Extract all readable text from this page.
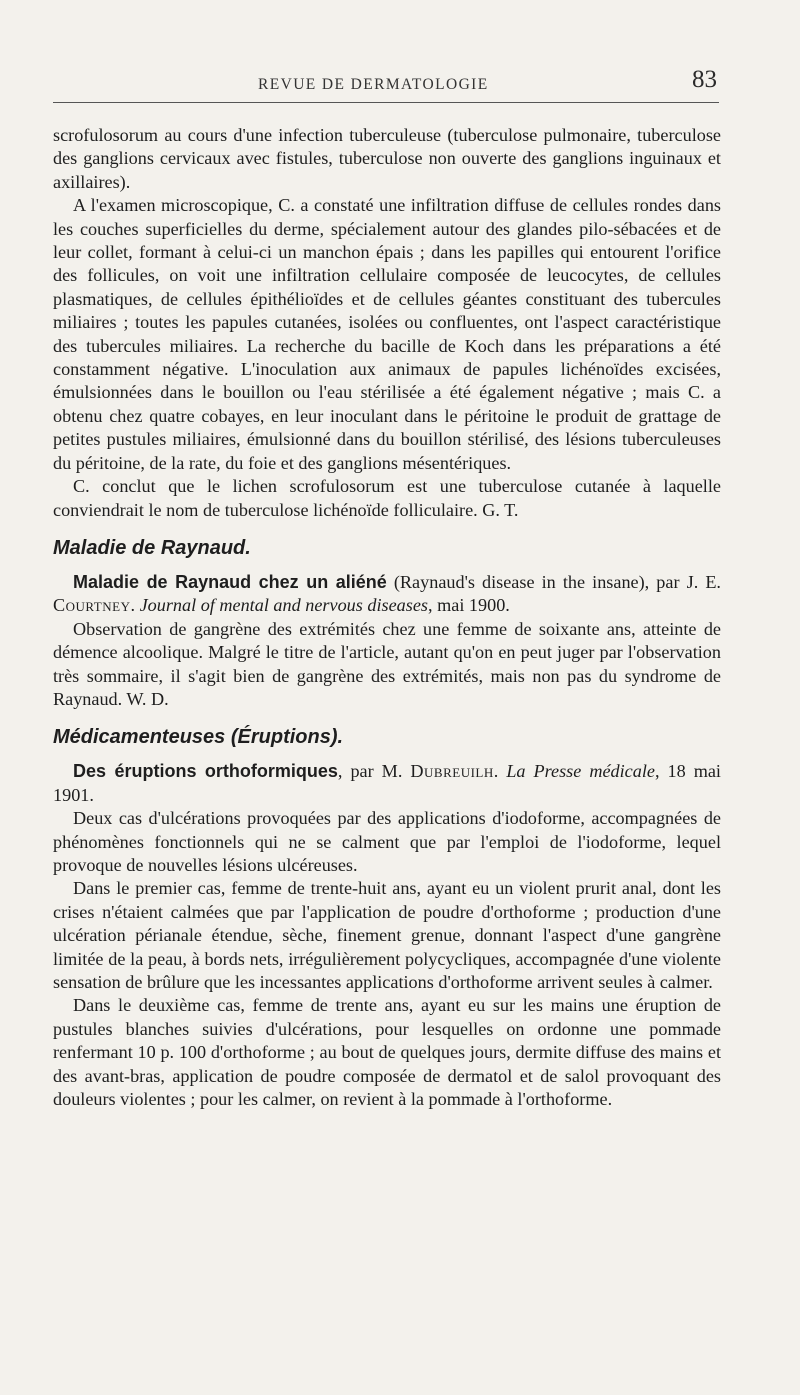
REVUE DE DERMATOLOGIE	83

scrofulosorum au cours d'une infection tuberculeuse (tuberculose pulmonaire, tuberculose des ganglions cervicaux avec fistules, tuberculose non ouverte des ganglions inguinaux et axillaires).

A l'examen microscopique, C. a constaté une infiltration diffuse de cellules rondes dans les couches superficielles du derme, spécialement autour des glandes pilo-sébacées et de leur collet, formant à celui-ci un manchon épais ; dans les papilles qui entourent l'orifice des follicules, on voit une infiltration cellulaire composée de leucocytes, de cellules plasmatiques, de cellules épithélioïdes et de cellules géantes constituant des tubercules miliaires ; toutes les papules cutanées, isolées ou confluentes, ont l'aspect caractéristique des tubercules miliaires. La recherche du bacille de Koch dans les préparations a été constamment négative. L'inoculation aux animaux de papules lichénoïdes excisées, émulsionnées dans le bouillon ou l'eau stérilisée a été également négative ; mais C. a obtenu chez quatre cobayes, en leur inoculant dans le péritoine le produit de grattage de petites pustules miliaires, émulsionné dans du bouillon stérilisé, des lésions tuberculeuses du péritoine, de la rate, du foie et des ganglions mésentériques.

C. conclut que le lichen scrofulosorum est une tuberculose cutanée à laquelle conviendrait le nom de tuberculose lichénoïde folliculaire. G. T.

Maladie de Raynaud.

Maladie de Raynaud chez un aliéné (Raynaud's disease in the insane), par J. E. Courtney. Journal of mental and nervous diseases, mai 1900.

Observation de gangrène des extrémités chez une femme de soixante ans, atteinte de démence alcoolique. Malgré le titre de l'article, autant qu'on en peut juger par l'observation très sommaire, il s'agit bien de gangrène des extrémités, mais non pas du syndrome de Raynaud. W. D.

Médicamenteuses (Éruptions).

Des éruptions orthoformiques, par M. Dubreuilh. La Presse médicale, 18 mai 1901.

Deux cas d'ulcérations provoquées par des applications d'iodoforme, accompagnées de phénomènes fonctionnels qui ne se calment que par l'emploi de l'iodoforme, lequel provoque de nouvelles lésions ulcéreuses.

Dans le premier cas, femme de trente-huit ans, ayant eu un violent prurit anal, dont les crises n'étaient calmées que par l'application de poudre d'orthoforme ; production d'une ulcération périanale étendue, sèche, finement grenue, donnant l'aspect d'une gangrène limitée de la peau, à bords nets, irrégulièrement polycycliques, accompagnée d'une violente sensation de brûlure que les incessantes applications d'orthoforme arrivent seules à calmer.

Dans le deuxième cas, femme de trente ans, ayant eu sur les mains une éruption de pustules blanches suivies d'ulcérations, pour lesquelles on ordonne une pommade renfermant 10 p. 100 d'orthoforme ; au bout de quelques jours, dermite diffuse des mains et des avant-bras, application de poudre composée de dermatol et de salol provoquant des douleurs violentes ; pour les calmer, on revient à la pommade à l'orthoforme.
